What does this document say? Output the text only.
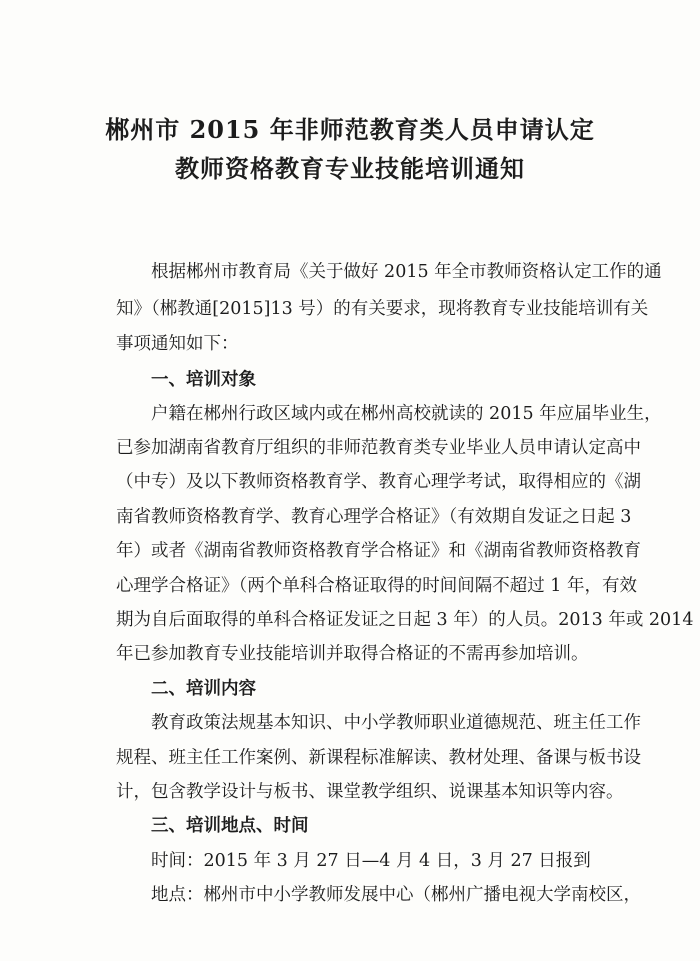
郴州市 2015 年非师范教育类人员申请认定
教师资格教育专业技能培训通知
　　根据郴州市教育局《关于做好 2015 年全市教师资格认定工作的通
知》（郴教通[2015]13 号）的有关要求，现将教育专业技能培训有关
事项通知如下：
　　一、培训对象
　　户籍在郴州行政区域内或在郴州高校就读的 2015 年应届毕业生，
已参加湖南省教育厅组织的非师范教育类专业毕业人员申请认定高中
（中专）及以下教师资格教育学、教育心理学考试，取得相应的《湖
南省教师资格教育学、教育心理学合格证》（有效期自发证之日起 3
年）或者《湖南省教师资格教育学合格证》和《湖南省教师资格教育
心理学合格证》（两个单科合格证取得的时间间隔不超过 1 年，有效
期为自后面取得的单科合格证发证之日起 3 年）的人员。2013 年或 2014
年已参加教育专业技能培训并取得合格证的不需再参加培训。
　　二、培训内容
　　教育政策法规基本知识、中小学教师职业道德规范、班主任工作
规程、班主任工作案例、新课程标准解读、教材处理、备课与板书设
计，包含教学设计与板书、课堂教学组织、说课基本知识等内容。
　　三、培训地点、时间
　　时间：2015 年 3 月 27 日—4 月 4 日，3 月 27 日报到
　　地点：郴州市中小学教师发展中心（郴州广播电视大学南校区，
